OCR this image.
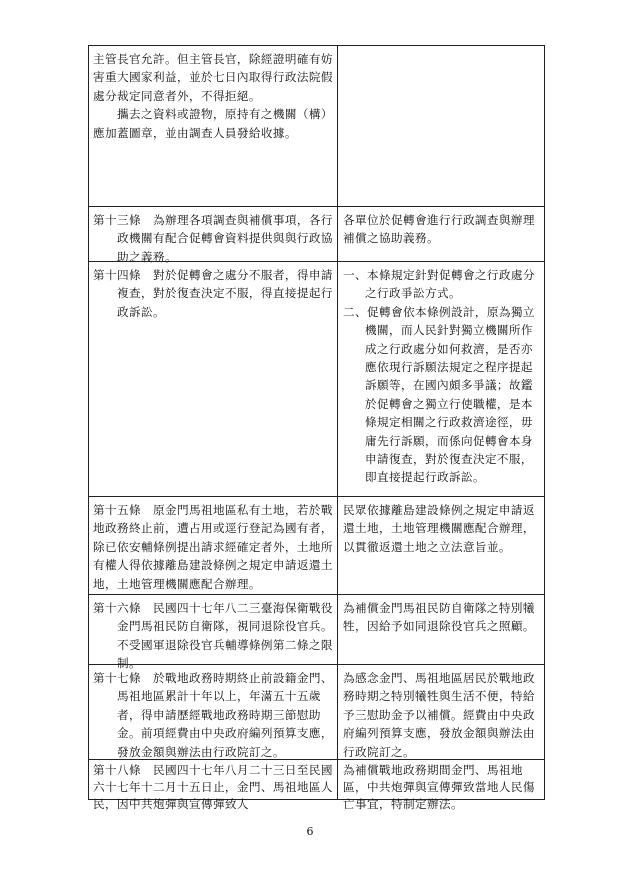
主管長官允許。但主管長官，除經證明確有妨害重大國家利益，並於七日內取得行政法院假處分裁定同意者外，不得拒絕。

　　攜去之資料或證物，原持有之機關（構）應加蓋圖章，並由調查人員發給收據。

第十三條　為辦理各項調查與補償事項，各行政機關有配合促轉會資料提供與與行政協助之義務。

各單位於促轉會進行行政調查與辦理補償之協助義務。

第十四條　對於促轉會之處分不服者，得申請複查，對於復查決定不服，得直接提起行政訴訟。

一、本條規定針對促轉會之行政處分之行政爭訟方式。

二、促轉會依本條例設計，原為獨立機關，而人民針對獨立機關所作成之行政處分如何救濟，是否亦應依現行訴願法規定之程序提起訴願等，在國內頗多爭議；故鑑於促轉會之獨立行使職權，是本條規定相關之行政救濟途徑，毋庸先行訴願，而係向促轉會本身申請復查，對於復查決定不服，即直接提起行政訴訟。

第十五條　原金門馬祖地區私有土地，若於戰地政務終止前，遭占用或逕行登記為國有者，除已依安輔條例提出請求經確定者外，土地所有權人得依據離島建設條例之規定申請返還土地，土地管理機關應配合辦理。

民眾依據離島建設條例之規定申請返還土地，土地管理機關應配合辦理，以貫徹返還土地之立法意旨並。

第十六條　民國四十七年八二三臺海保衛戰役金門馬祖民防自衛隊，視同退除役官兵。不受國軍退除役官兵輔導條例第二條之限制。

為補償金門馬祖民防自衛隊之特別犧牲，因給予如同退除役官兵之照顧。

第十七條　於戰地政務時期終止前設籍金門、馬祖地區累計十年以上，年滿五十五歲者，得申請歷經戰地政務時期三節慰助金。前項經費由中央政府編列預算支應，發放金額與辦法由行政院訂之。

為感念金門、馬祖地區居民於戰地政務時期之特別犧牲與生活不便，特給予三慰助金予以補償。經費由中央政府編列預算支應，發放金額與辦法由行政院訂之。

第十八條　民國四十七年八月二十三日至民國六十七年十二月十五日止，金門、馬祖地區人民，因中共炮彈與宣傳彈致人

為補償戰地政務期間金門、馬祖地區，中共炮彈與宣傳彈致當地人民傷亡事宜，特制定辦法。

6
